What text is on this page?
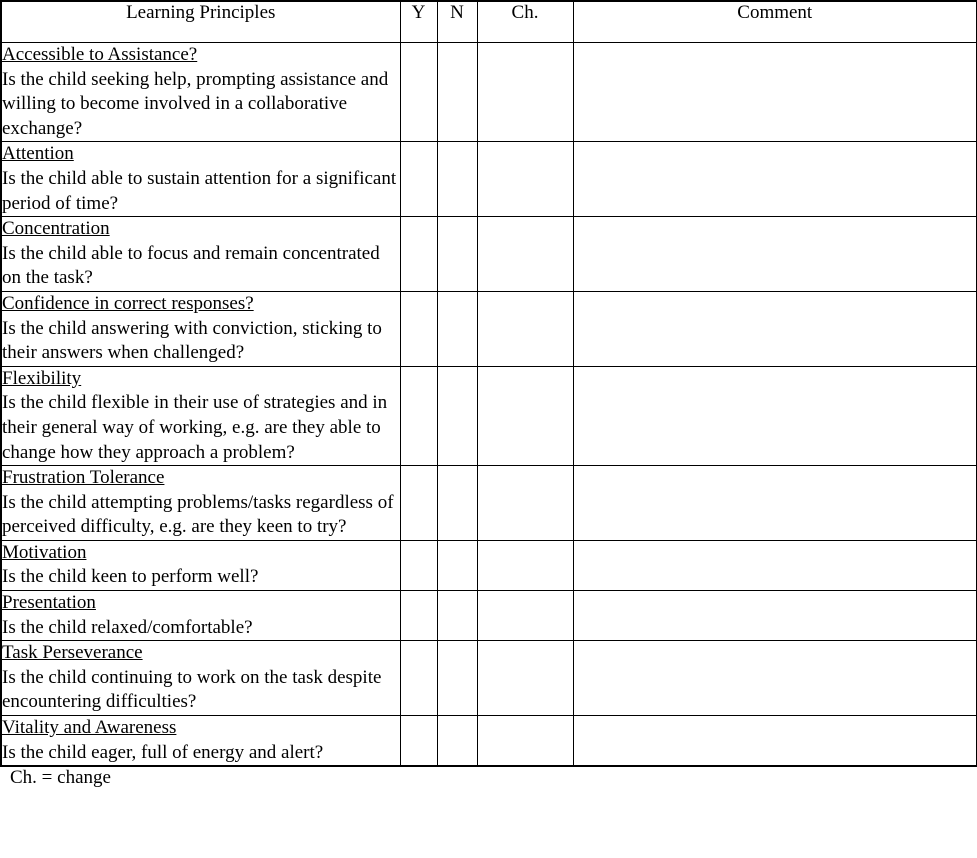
Learning Principles	Y	N	Ch.	Comment

Accessible to Assistance?
Is the child seeking help, prompting assistance and willing to become involved in a collaborative exchange?				

Attention
Is the child able to sustain attention for a significant period of time?				

Concentration
Is the child able to focus and remain concentrated on the task?				

Confidence in correct responses?
Is the child answering with conviction, sticking to their answers when challenged?				

Flexibility
Is the child flexible in their use of strategies and in their general way of working, e.g. are they able to change how they approach a problem?				

Frustration Tolerance
Is the child attempting problems/tasks regardless of perceived difficulty, e.g. are they keen to try?				

Motivation
Is the child keen to perform well?				

Presentation
Is the child relaxed/comfortable?				

Task Perseverance
Is the child continuing to work on the task despite encountering difficulties?				

Vitality and Awareness
Is the child eager, full of energy and alert?				

Ch. = change
